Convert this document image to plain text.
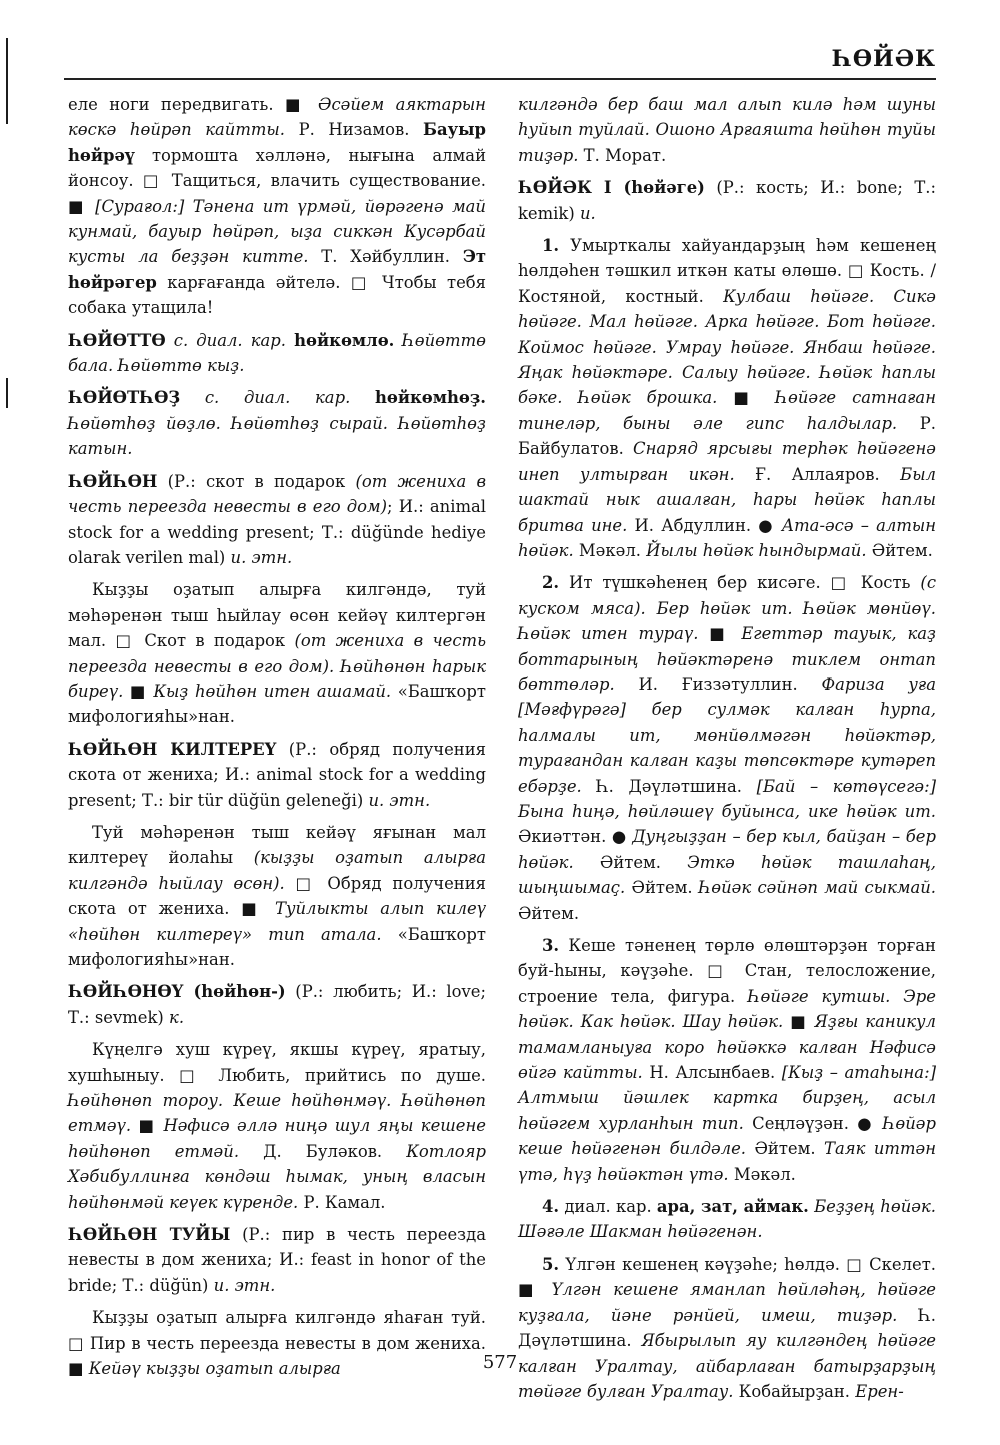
ҺӨЙӘК

еле ноги передвигать. ■ Әсәйем аяктарын көскә һөйрәп кайтты. Р. Низамов. Бауыр һөйрәү тормошта хәлләнә, нығына алмай йонсоу. □ Тащиться, влачить существование. ■ [Сурағол:] Тәнена ит үрмәй, йөрәгенә май кунмай, бауыр һөйрәп, ыҙа сиккән Кусәрбай кусты ла беҙҙән китте. Т. Хәйбуллин. Эт һөйрәгер карғағанда әйтелә. □ Чтобы тебя собака утащила!

ҺӨЙӨТТӨ с. диал. кар. һөйкөмлө. Һөйөттө бала. Һөйөттө кыҙ.

ҺӨЙӨТҺӨҘ с. диал. кар. һөйкөмһөҙ. Һөйөтһөҙ йөҙлө. Һөйөтһөҙ сырай. Һөйөтһөҙ катын.

ҺӨЙҺӨН (Р.: скот в подарок (от жениха в честь переезда невесты в его дом); И.: animal stock for a wedding present; Т.: düğünde hediye olarak verilen mal) и. этн.

Кыҙҙы оҙатып алырға килгәндә, туй мәһәренән тыш һыйлау өсөн кейәү килтергән мал. □ Скот в подарок (от жениха в честь переезда невесты в его дом). Һөйһөнөн һарык биреү. ■ Кыҙ һөйһөн итен ашамай. «Башҡорт мифологияһы»нан.

ҺӨЙҺӨН КИЛТЕРЕҮ (Р.: обряд получения скота от жениха; И.: animal stock for a wedding present; Т.: bir tür düğün geleneği) и. этн.

Туй мәһәренән тыш кейәү яғынан мал килтереү йолаһы (кыҙҙы оҙатып алырға килгәндә һыйлау өсөн). □ Обряд получения скота от жениха. ■ Туйлыкты алып килеү «һөйһөн килтереү» тип атала. «Башҡорт мифологияһы»нан.

ҺӨЙҺӨНӨҮ (һөйһөн-) (Р.: любить; И.: love; Т.: sevmek) к.

Күңелгә хуш күреү, якшы күреү, яратыу, хушһыныу. □ Любить, прийтись по душе. Һөйһөнөп тороу. Кеше һөйһөнмәү. Һөйһөнөп етмәү. ■ Нәфисә әллә ниңә шул яңы кешене һөйһөнөп етмәй. Д. Буләков. Котлояр Хәбибуллинға көндәш һымак, уның власын һөйһөнмәй кеүек күренде. Р. Камал.

ҺӨЙҺӨН ТУЙЫ (Р.: пир в честь переезда невесты в дом жениха; И.: feast in honor of the bride; Т.: düğün) и. этн.

Кыҙҙы оҙатып алырға килгәндә яһаған туй. □ Пир в честь переезда невесты в дом жениха. ■ Кейәү кыҙҙы оҙатып алырға

килгәндә бер баш мал алып килә һәм шуны һуйып туйлай. Ошоно Арғаяшта һөйһөн туйы тиҙәр. Т. Морат.

ҺӨЙӘК I (һөйәге) (Р.: кость; И.: bone; Т.: kemik) и.

1. Умырткалы хайуандарҙың һәм кешенең һөлдәһен тәшкил иткән каты өлөшө. □ Кость. / Костяной, костный. Кулбаш һөйәге. Сикә һөйәге. Мал һөйәге. Арка һөйәге. Бот һөйәге. Коймос һөйәге. Умрау һөйәге. Янбаш һөйәге. Яңак һөйәктәре. Салыу һөйәге. Һөйәк һаплы бәке. Һөйәк брошка. ■ Һөйәге сатнаған тинеләр, быны әле гипс һалдылар. Р. Байбулатов. Снаряд ярсығы терһәк һөйәгенә инеп ултырған икән. Ғ. Аллаяров. Был шактай нык ашалған, һары һөйәк һаплы бритва ине. И. Абдуллин. ● Ата-әсә – алтын һөйәк. Мәкәл. Йылы һөйәк һындырмай. Әйтем.

2. Ит түшкәһенең бер кисәге. □ Кость (с куском мяса). Бер һөйәк ит. Һөйәк мөнйөү. Һөйәк итен тураү. ■ Егеттәр тауык, каҙ боттарының һөйәктәренә тиклем онтап бөттөләр. И. Ғиззәтуллин. Фариза уға [Мәғфүрәгә] бер сулмәк калған һурпа, һалмалы ит, мөнйөлмәгән һөйәктәр, турағандан калған каҙы төпсөктәре кутәреп ебәрҙе. Һ. Дәүләтшина. [Бай – көтөүсегә:] Бына һиңә, һөйләшеү буйынса, ике һөйәк ит. Әкиәттән. ● Дуңгыҙҙан – бер кыл, байҙан – бер һөйәк. Әйтем. Эткә һөйәк ташлаһаң, шыңшымаҫ. Әйтем. Һөйәк сәйнәп май сыкмай. Әйтем.

3. Кеше тәненең төрлө өлөштәрҙән торған буй-һыны, кәүҙәһе. □ Стан, телосложение, строение тела, фигура. Һөйәге кутшы. Эре һөйәк. Как һөйәк. Шау һөйәк. ■ Яҙғы каникул тамамланыуға коро һөйәккә калған Нәфисә өйгә кайтты. Н. Алсынбаев. [Кыҙ – атаһына:] Алтмыш йәшлек картка бирҙең, асыл һөйәгем хурланһын тип. Сеңләүҙән. ● Һөйәр кеше һөйәгенән билдәле. Әйтем. Таяк иттән үтә, һүҙ һөйәктән үтә. Мәкәл.

4. диал. кар. ара, зат, аймак. Беҙҙең һөйәк. Шәғәле Шакман һөйәгенән.

5. Үлгән кешенең кәүҙәһе; һөлдә. □ Скелет. ■ Үлгән кешене яманлап һөйләһәң, һөйәге куҙғала, йәне рәнйей, имеш, тиҙәр. Һ. Дәүләтшина. Ябырылып яу килгәндең һөйәге калған Уралтау, айбарлаған батырҙарҙың төйәге булған Уралтау. Кобайырҙан. Ерен-

577
